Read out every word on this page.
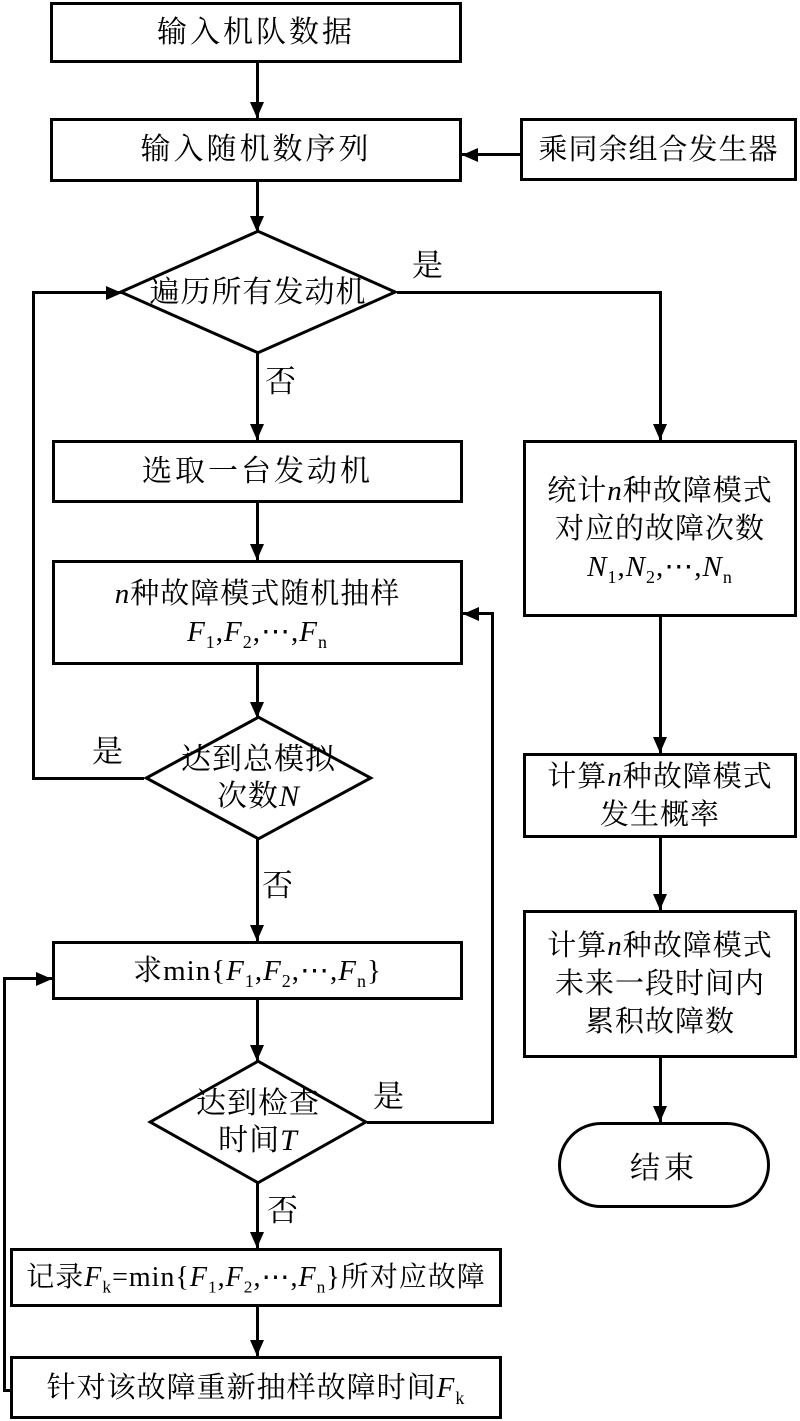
输入机队数据
输入随机数序列	乘同余组合发生器
选取一台发动机
n种故障模式随机抽样
$F_1,F_2,\cdots,F_n$
求$\min\{F_1,F_2,\cdots,F_n\}$
记录$F_k=\min\{F_1,F_2,\cdots,F_n\}$所对应故障
针对该故障重新抽样故障时间$F_k$
统计n种故障模式
对应的故障次数
$N_1,N_2,\cdots,N_n$
计算n种故障模式
发生概率
计算n种故障模式
未来一段时间内
累积故障数
结束
遍历所有发动机
达到总模拟
次数N
达到检查
时间T
是
否
是
否
是
否
